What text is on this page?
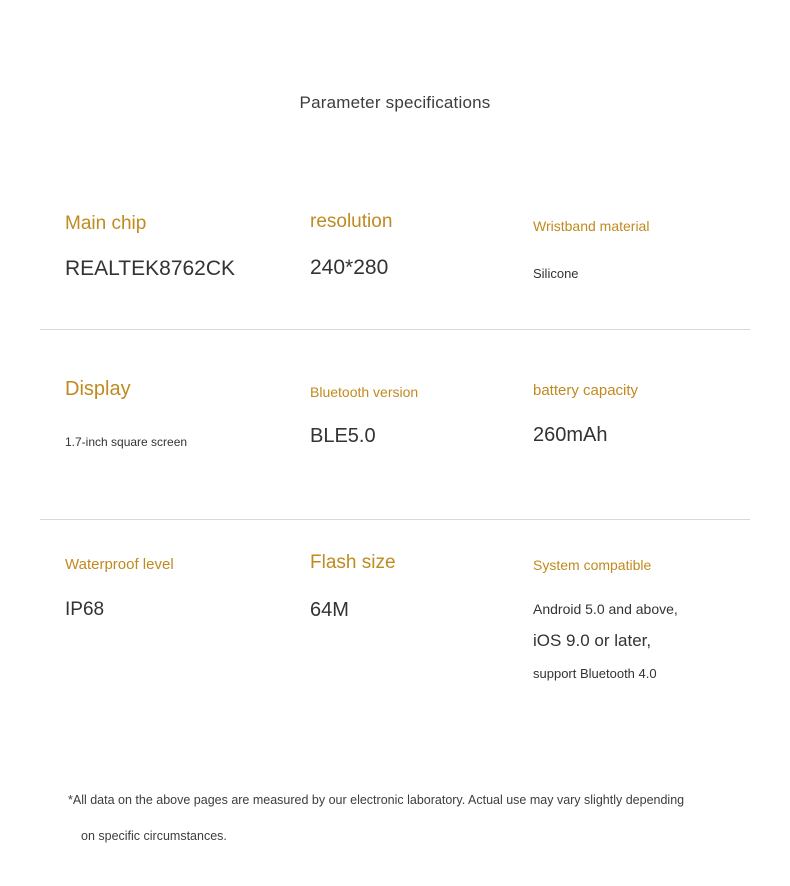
Parameter specifications
Main chip
REALTEK8762CK
resolution
240*280
Wristband material
Silicone
Display
1.7-inch square screen
Bluetooth version
BLE5.0
battery capacity
260mAh
Waterproof level
IP68
Flash size
64M
System compatible
Android 5.0 and above,
iOS 9.0 or later,
support Bluetooth 4.0
*All data on the above pages are measured by our electronic laboratory. Actual use may vary slightly depending
on specific circumstances.
